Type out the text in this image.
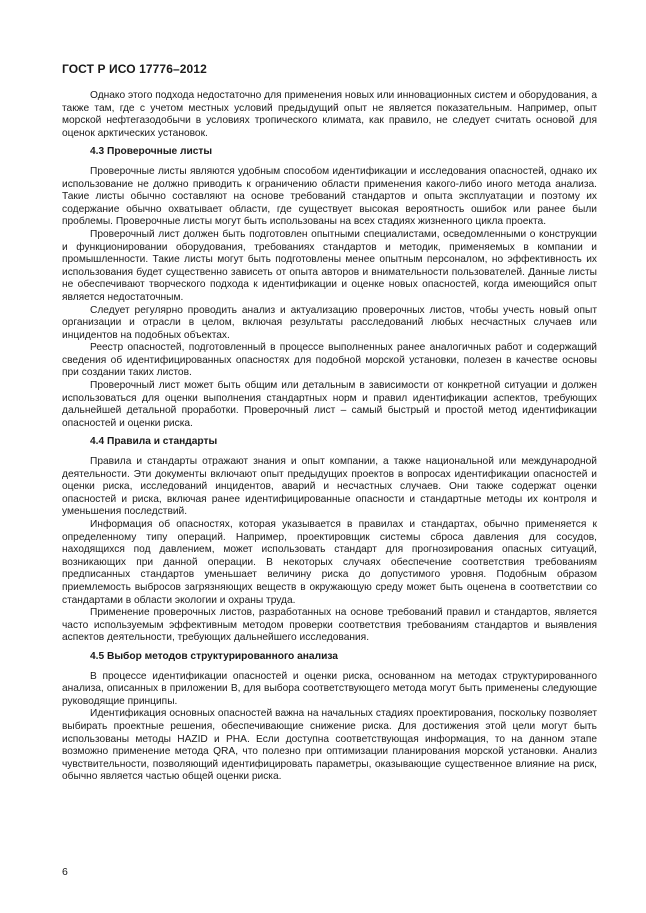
ГОСТ Р ИСО 17776–2012

Однако этого подхода недостаточно для применения новых или инновационных систем и оборудования, а также там, где с учетом местных условий предыдущий опыт не является показательным. Например, опыт морской нефтегазодобычи в условиях тропического климата, как правило, не следует считать основой для оценок арктических установок.

4.3 Проверочные листы

Проверочные листы являются удобным способом идентификации и исследования опасностей, однако их использование не должно приводить к ограничению области применения какого-либо иного метода анализа. Такие листы обычно составляют на основе требований стандартов и опыта эксплуатации и поэтому их содержание обычно охватывает области, где существует высокая вероятность ошибок или ранее были проблемы. Проверочные листы могут быть использованы на всех стадиях жизненного цикла проекта.

Проверочный лист должен быть подготовлен опытными специалистами, осведомленными о конструкции и функционировании оборудования, требованиях стандартов и методик, применяемых в компании и промышленности. Такие листы могут быть подготовлены менее опытным персоналом, но эффективность их использования будет существенно зависеть от опыта авторов и внимательности пользователей. Данные листы не обеспечивают творческого подхода к идентификации и оценке новых опасностей, когда имеющийся опыт является недостаточным.

Следует регулярно проводить анализ и актуализацию проверочных листов, чтобы учесть новый опыт организации и отрасли в целом, включая результаты расследований любых несчастных случаев или инцидентов на подобных объектах.

Реестр опасностей, подготовленный в процессе выполненных ранее аналогичных работ и содержащий сведения об идентифицированных опасностях для подобной морской установки, полезен в качестве основы при создании таких листов.

Проверочный лист может быть общим или детальным в зависимости от конкретной ситуации и должен использоваться для оценки выполнения стандартных норм и правил идентификации аспектов, требующих дальнейшей детальной проработки. Проверочный лист – самый быстрый и простой метод идентификации опасностей и оценки риска.

4.4 Правила и стандарты

Правила и стандарты отражают знания и опыт компании, а также национальной или международной деятельности. Эти документы включают опыт предыдущих проектов в вопросах идентификации опасностей и оценки риска, исследований инцидентов, аварий и несчастных случаев. Они также содержат оценки опасностей и риска, включая ранее идентифицированные опасности и стандартные методы их контроля и уменьшения последствий.

Информация об опасностях, которая указывается в правилах и стандартах, обычно применяется к определенному типу операций. Например, проектировщик системы сброса давления для сосудов, находящихся под давлением, может использовать стандарт для прогнозирования опасных ситуаций, возникающих при данной операции. В некоторых случаях обеспечение соответствия требованиям предписанных стандартов уменьшает величину риска до допустимого уровня. Подобным образом приемлемость выбросов загрязняющих веществ в окружающую среду может быть оценена в соответствии со стандартами в области экологии и охраны труда.

Применение проверочных листов, разработанных на основе требований правил и стандартов, является часто используемым эффективным методом проверки соответствия требованиям стандартов и выявления аспектов деятельности, требующих дальнейшего исследования.

4.5 Выбор методов структурированного анализа

В процессе идентификации опасностей и оценки риска, основанном на методах структурированного анализа, описанных в приложении В, для выбора соответствующего метода могут быть применены следующие руководящие принципы.

Идентификация основных опасностей важна на начальных стадиях проектирования, поскольку позволяет выбирать проектные решения, обеспечивающие снижение риска. Для достижения этой цели могут быть использованы методы HAZID и PHA. Если доступна соответствующая информация, то на данном этапе возможно применение метода QRA, что полезно при оптимизации планирования морской установки. Анализ чувствительности, позволяющий идентифицировать параметры, оказывающие существенное влияние на риск, обычно является частью общей оценки риска.

6
